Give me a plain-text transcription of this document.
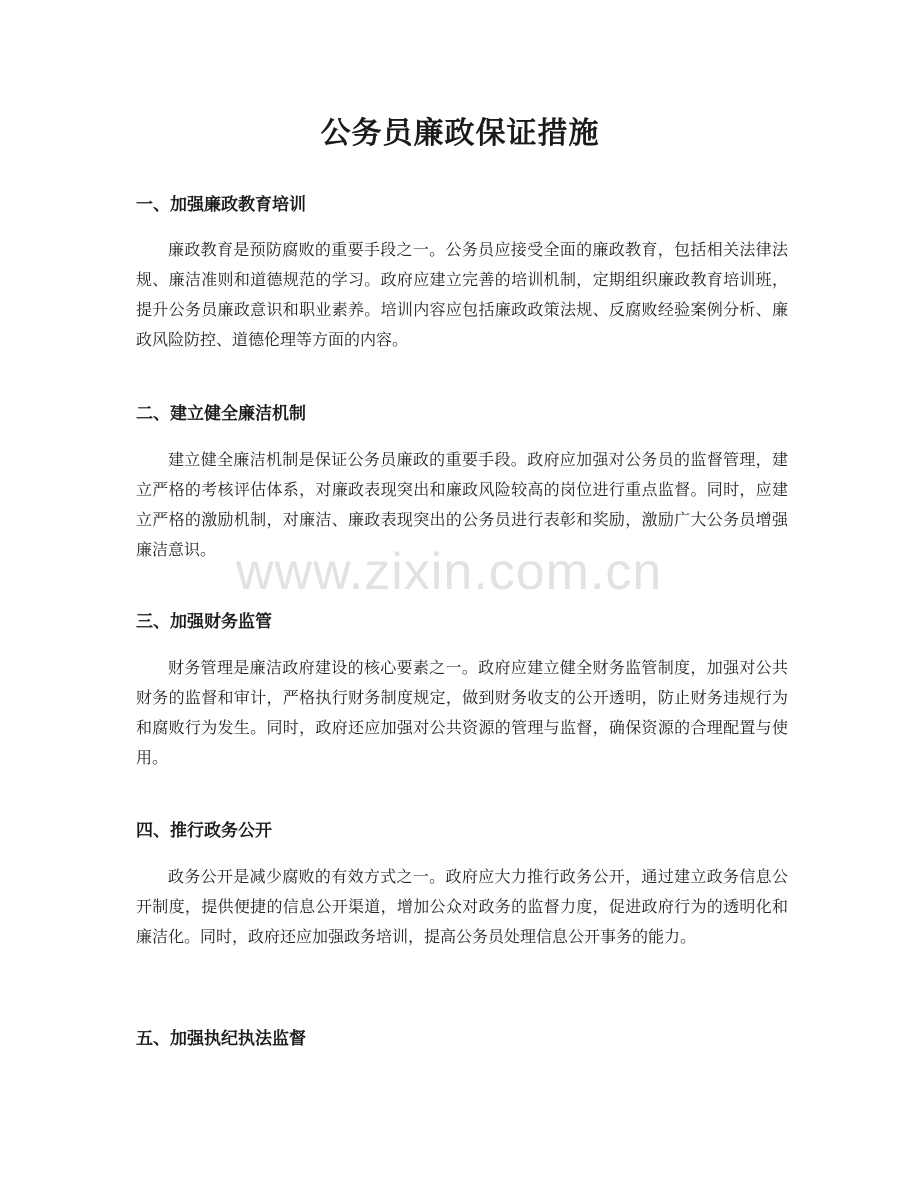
公务员廉政保证措施
一、加强廉政教育培训

廉政教育是预防腐败的重要手段之一。公务员应接受全面的廉政教育，包括相关法律法规、廉洁准则和道德规范的学习。政府应建立完善的培训机制，定期组织廉政教育培训班，提升公务员廉政意识和职业素养。培训内容应包括廉政政策法规、反腐败经验案例分析、廉政风险防控、道德伦理等方面的内容。

二、建立健全廉洁机制

建立健全廉洁机制是保证公务员廉政的重要手段。政府应加强对公务员的监督管理，建立严格的考核评估体系，对廉政表现突出和廉政风险较高的岗位进行重点监督。同时，应建立严格的激励机制，对廉洁、廉政表现突出的公务员进行表彰和奖励，激励广大公务员增强廉洁意识。

三、加强财务监管

财务管理是廉洁政府建设的核心要素之一。政府应建立健全财务监管制度，加强对公共财务的监督和审计，严格执行财务制度规定，做到财务收支的公开透明，防止财务违规行为和腐败行为发生。同时，政府还应加强对公共资源的管理与监督，确保资源的合理配置与使用。

四、推行政务公开

政务公开是减少腐败的有效方式之一。政府应大力推行政务公开，通过建立政务信息公开制度，提供便捷的信息公开渠道，增加公众对政务的监督力度，促进政府行为的透明化和廉洁化。同时，政府还应加强政务培训，提高公务员处理信息公开事务的能力。

五、加强执纪执法监督
www.zixin.com.cn
